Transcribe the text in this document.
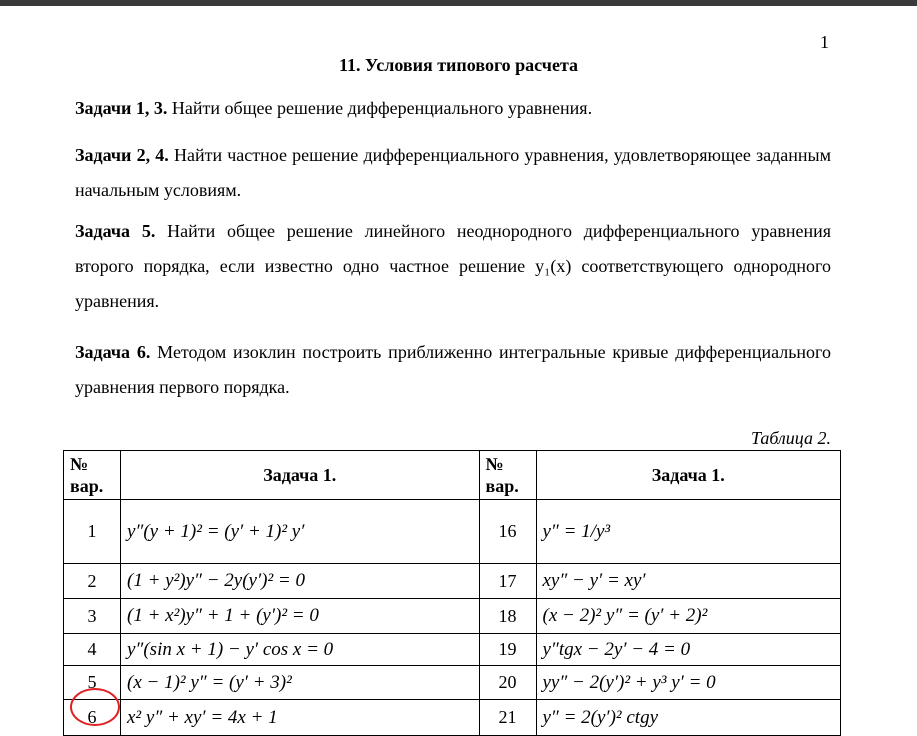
1
11. Условия типового расчета
Задачи 1, 3. Найти общее решение дифференциального уравнения.
Задачи 2, 4. Найти частное решение дифференциального уравнения, удовлетворяющее заданным начальным условиям.
Задача 5. Найти общее решение линейного неоднородного дифференциального уравнения второго порядка, если известно одно частное решение y₁(x) соответствующего однородного уравнения.
Задача 6. Методом изоклин построить приближенно интегральные кривые дифференциального уравнения первого порядка.
Таблица 2.
№ вар.	Задача 1.	№ вар.	Задача 1.
1	y″(y + 1)² = (y′ + 1)² y′	16	y″ = 1/y³
2	(1 + y²)y″ − 2y(y′)² = 0	17	xy″ − y′ = xy′
3	(1 + x²)y″ + 1 + (y′)² = 0	18	(x − 2)² y″ = (y′ + 2)²
4	y″(sin x + 1) − y′ cos x = 0	19	y″tgx − 2y′ − 4 = 0
5	(x − 1)² y″ = (y′ + 3)²	20	yy″ − 2(y′)² + y³ y′ = 0
6	x² y″ + xy′ = 4x + 1	21	y″ = 2(y′)² ctgy
